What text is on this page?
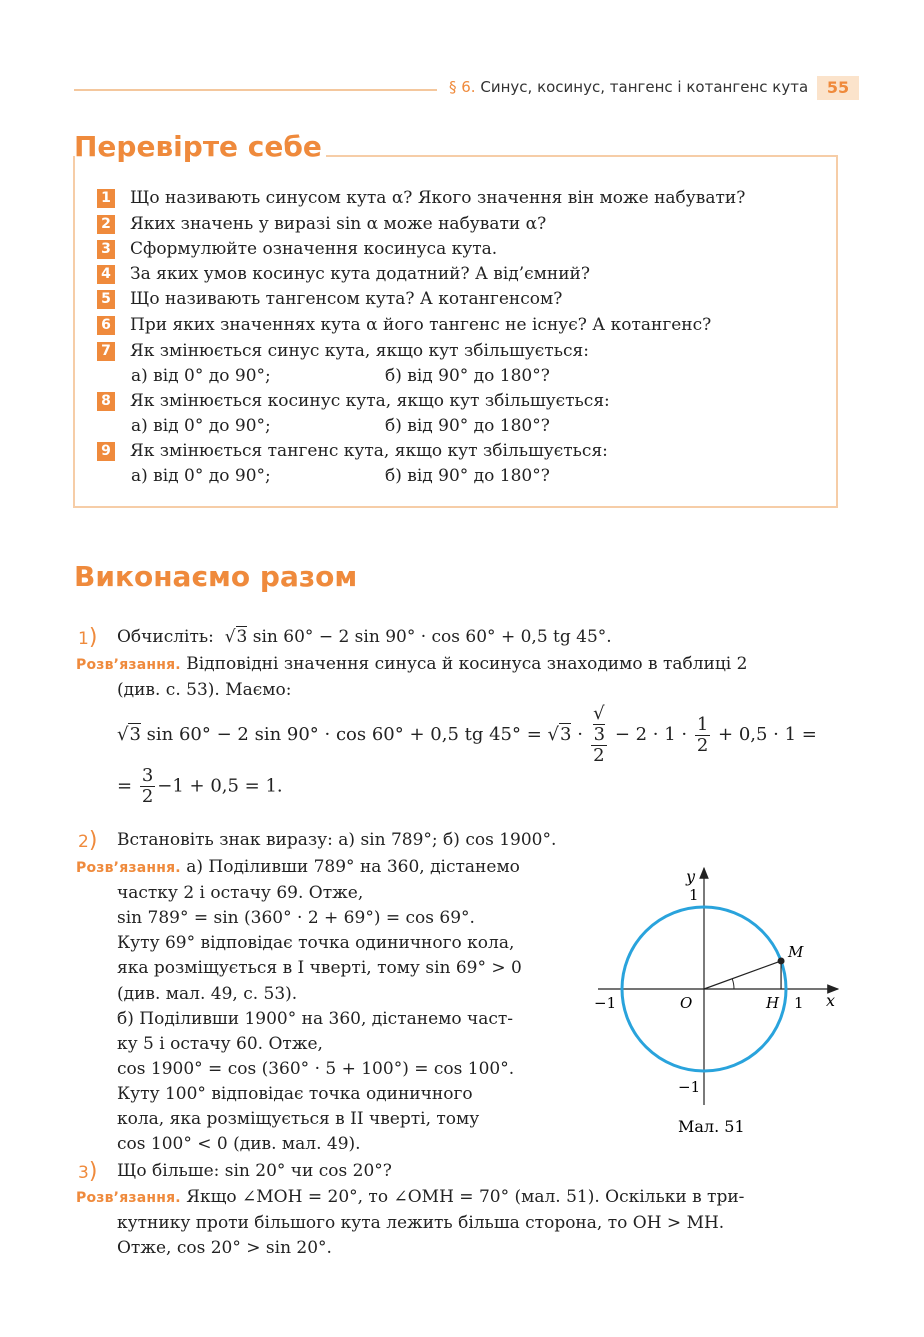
§ 6. Синус, косинус, тангенс і котангенс кута	55
Перевірте себе
1 Що називають синусом кута α? Якого значення він може набувати?
2 Яких значень у виразі sin α може набувати α?
3 Сформулюйте означення косинуса кута.
4 За яких умов косинус кута додатний? А від’ємний?
5 Що називають тангенсом кута? А котангенсом?
6 При яких значеннях кута α його тангенс не існує? А котангенс?
7 Як змінюється синус кута, якщо кут збільшується:
а) від 0° до 90°;	б) від 90° до 180°?
8 Як змінюється косинус кута, якщо кут збільшується:
а) від 0° до 90°;	б) від 90° до 180°?
9 Як змінюється тангенс кута, якщо кут збільшується:
а) від 0° до 90°;	б) від 90° до 180°?
Виконаємо разом
1) Обчисліть:  √3 sin 60° − 2 sin 90° · cos 60° + 0,5 tg 45°.
Розв’язання. Відповідні значення синуса й косинуса знаходимо в таблиці 2
(див. с. 53). Маємо:
√3 sin 60° − 2 sin 90° · cos 60° + 0,5 tg 45° = √3 · √
3
$2 - 2 \cdot 1 \cdot \frac{1}{2} + 0,5 \cdot 1$ =
= $\frac{3}{2} -1 + 0,5 = 1$.
2) Встановіть знак виразу: а) sin 789°; б) cos 1900°.
Розв’язання. а) Поділивши 789° на 360, дістанемо
частку 2 і остачу 69. Отже,
sin 789° = sin (360° · 2 + 69°) = cos 69°.
Куту 69° відповідає точка одиничного кола,
яка розміщується в I чверті, тому sin 69° > 0
(див. мал. 49, с. 53).
б) Поділивши 1900° на 360, дістанемо част-
ку 5 і остачу 60. Отже,
cos 1900° = cos (360° · 5 + 100°) = cos 100°.
Куту 100° відповідає точка одиничного
кола, яка розміщується в II чверті, тому
cos 100° < 0 (див. мал. 49).
y
1
x
1
−1
−1
O	H
M
Мал. 51
3) Що більше: sin 20° чи cos 20°?
Розв’язання. Якщо ∠MOH = 20°, то ∠OMH = 70° (мал. 51). Оскільки в три-
кутнику проти більшого кута лежить більша сторона, то OH > MH.
Отже, cos 20° > sin 20°.
